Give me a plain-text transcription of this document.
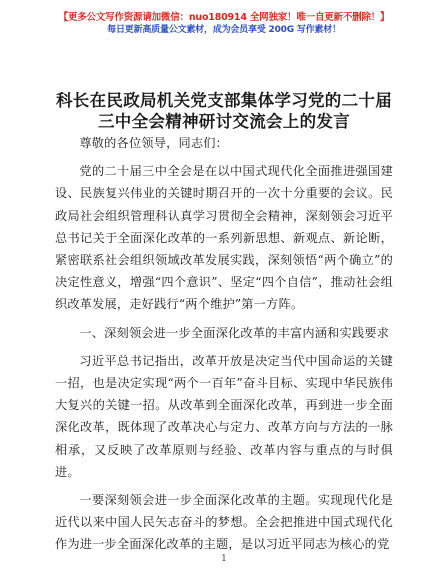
【更多公文写作资源请加微信：nuo180914 全网独家！唯一自更新不删除！】
每日更新高质量公文素材，成为会员享受 200G 写作素材！
科长在民政局机关党支部集体学习党的二十届
三中全会精神研讨交流会上的发言

尊敬的各位领导，同志们：

党的二十届三中全会是在以中国式现代化全面推进强国建设、民族复兴伟业的关键时期召开的一次十分重要的会议。民政局社会组织管理科认真学习贯彻全会精神，深刻领会习近平总书记关于全面深化改革的一系列新思想、新观点、新论断，紧密联系社会组织领域改革发展实践，深刻领悟“两个确立”的决定性意义，增强“四个意识”、坚定“四个自信”，推动社会组织改革发展，走好践行“两个维护”第一方阵。

一、深刻领会进一步全面深化改革的丰富内涵和实践要求

习近平总书记指出，改革开放是决定当代中国命运的关键一招，也是决定实现“两个一百年”奋斗目标、实现中华民族伟大复兴的关键一招。从改革到全面深化改革，再到进一步全面深化改革，既体现了改革决心与定力、改革方向与方法的一脉相承，又反映了改革原则与经验、改革内容与重点的与时俱进。

一要深刻领会进一步全面深化改革的主题。实现现代化是近代以来中国人民矢志奋斗的梦想。全会把推进中国式现代化作为进一步全面深化改革的主题，是以习近平同志为核心的党

1
